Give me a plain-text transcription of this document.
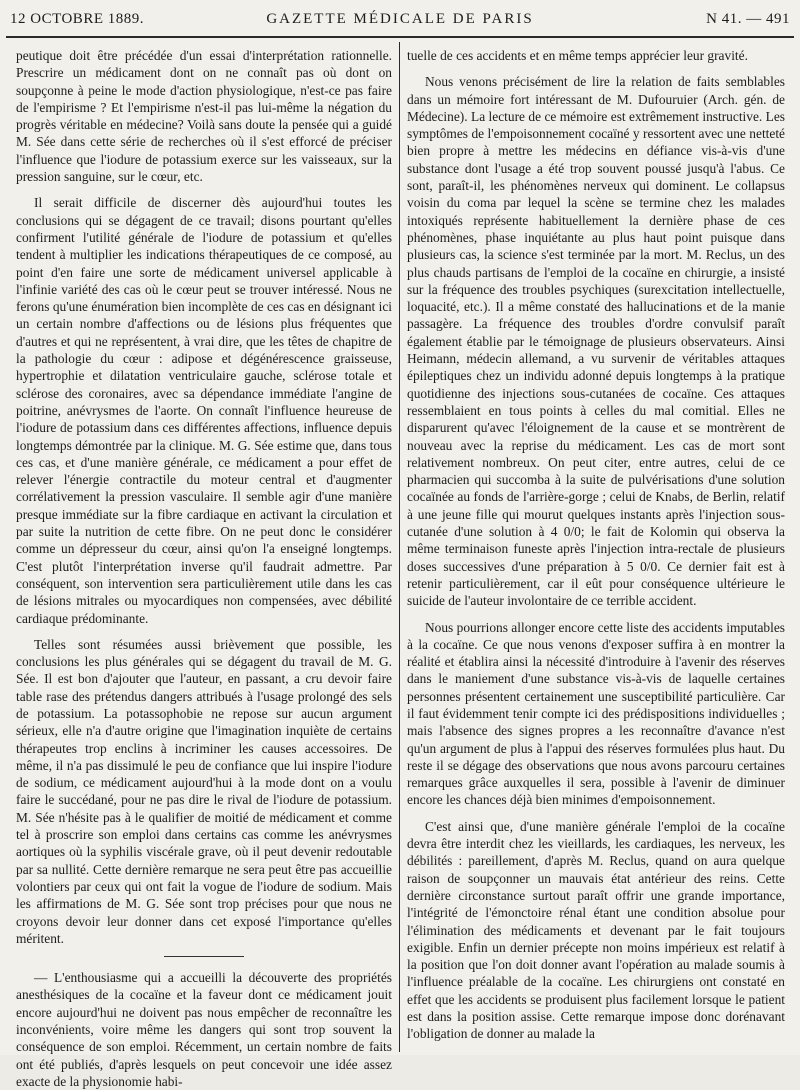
12 OCTOBRE 1889.	GAZETTE MÉDICALE DE PARIS	N 41. — 491

peutique doit être précédée d'un essai d'interprétation rationnelle. Prescrire un médicament dont on ne connaît pas où dont on soupçonne à peine le mode d'action physiologique, n'est-ce pas faire de l'empirisme ? Et l'empirisme n'est-il pas lui-même la négation du progrès véritable en médecine? Voilà sans doute la pensée qui a guidé M. Sée dans cette série de recherches où il s'est efforcé de préciser l'influence que l'iodure de potassium exerce sur les vaisseaux, sur la pression sanguine, sur le cœur, etc.

Il serait difficile de discerner dès aujourd'hui toutes les conclusions qui se dégagent de ce travail; disons pourtant qu'elles confirment l'utilité générale de l'iodure de potassium et qu'elles tendent à multiplier les indications thérapeutiques de ce composé, au point d'en faire une sorte de médicament universel applicable à l'infinie variété des cas où le cœur peut se trouver intéressé. Nous ne ferons qu'une énumération bien incomplète de ces cas en désignant ici un certain nombre d'affections ou de lésions plus fréquentes que d'autres et qui ne représentent, à vrai dire, que les têtes de chapitre de la pathologie du cœur : adipose et dégénérescence graisseuse, hypertrophie et dilatation ventriculaire gauche, sclérose totale et sclérose des coronaires, avec sa dépendance immédiate l'angine de poitrine, anévrysmes de l'aorte. On connaît l'influence heureuse de l'iodure de potassium dans ces différentes affections, influence depuis longtemps démontrée par la clinique. M. G. Sée estime que, dans tous ces cas, et d'une manière générale, ce médicament a pour effet de relever l'énergie contractile du moteur central et d'augmenter corrélativement la pression vasculaire. Il semble agir d'une manière presque immédiate sur la fibre cardiaque en activant la circulation et par suite la nutrition de cette fibre. On ne peut donc le considérer comme un dépresseur du cœur, ainsi qu'on l'a enseigné longtemps. C'est plutôt l'interprétation inverse qu'il faudrait admettre. Par conséquent, son intervention sera particulièrement utile dans les cas de lésions mitrales ou myocardiques non compensées, avec débilité cardiaque prédominante.

Telles sont résumées aussi brièvement que possible, les conclusions les plus générales qui se dégagent du travail de M. G. Sée. Il est bon d'ajouter que l'auteur, en passant, a cru devoir faire table rase des prétendus dangers attribués à l'usage prolongé des sels de potassium. La potassophobie ne repose sur aucun argument sérieux, elle n'a d'autre origine que l'imagination inquiète de certains thérapeutes trop enclins à incriminer les causes accessoires. De même, il n'a pas dissimulé le peu de confiance que lui inspire l'iodure de sodium, ce médicament aujourd'hui à la mode dont on a voulu faire le succédané, pour ne pas dire le rival de l'iodure de potassium. M. Sée n'hésite pas à le qualifier de moitié de médicament et comme tel à proscrire son emploi dans certains cas comme les anévrysmes aortiques où la syphilis viscérale grave, où il peut devenir redoutable par sa nullité. Cette dernière remarque ne sera peut être pas accueillie volontiers par ceux qui ont fait la vogue de l'iodure de sodium. Mais les affirmations de M. G. Sée sont trop précises pour que nous ne croyons devoir leur donner dans cet exposé l'importance qu'elles méritent.

— L'enthousiasme qui a accueilli la découverte des propriétés anesthésiques de la cocaïne et la faveur dont ce médicament jouit encore aujourd'hui ne doivent pas nous empêcher de reconnaître les inconvénients, voire même les dangers qui sont trop souvent la conséquence de son emploi. Récemment, un certain nombre de faits ont été publiés, d'après lesquels on peut concevoir une idée assez exacte de la physionomie habi-

tuelle de ces accidents et en même temps apprécier leur gravité.

Nous venons précisément de lire la relation de faits semblables dans un mémoire fort intéressant de M. Dufouruier (Arch. gén. de Médecine). La lecture de ce mémoire est extrêmement instructive. Les symptômes de l'empoisonnement cocaïné y ressortent avec une netteté bien propre à mettre les médecins en défiance vis-à-vis d'une substance dont l'usage a été trop souvent poussé jusqu'à l'abus. Ce sont, paraît-il, les phénomènes nerveux qui dominent. Le collapsus voisin du coma par lequel la scène se termine chez les malades intoxiqués représente habituellement la dernière phase de ces phénomènes, phase inquiétante au plus haut point puisque dans plusieurs cas, la science s'est terminée par la mort. M. Reclus, un des plus chauds partisans de l'emploi de la cocaïne en chirurgie, a insisté sur la fréquence des troubles psychiques (surexcitation intellectuelle, loquacité, etc.). Il a même constaté des hallucinations et de la manie passagère. La fréquence des troubles d'ordre convulsif paraît également établie par le témoignage de plusieurs observateurs. Ainsi Heimann, médecin allemand, a vu survenir de véritables attaques épileptiques chez un individu adonné depuis longtemps à la pratique quotidienne des injections sous-cutanées de cocaïne. Ces attaques ressemblaient en tous points à celles du mal comitial. Elles ne disparurent qu'avec l'éloignement de la cause et se montrèrent de nouveau avec la reprise du médicament. Les cas de mort sont relativement nombreux. On peut citer, entre autres, celui de ce pharmacien qui succomba à la suite de pulvérisations d'une solution cocaïnée au fonds de l'arrière-gorge ; celui de Knabs, de Berlin, relatif à une jeune fille qui mourut quelques instants après l'injection sous-cutanée d'une solution à 4 0/0; le fait de Kolomin qui observa la même terminaison funeste après l'injection intra-rectale de plusieurs doses successives d'une préparation à 5 0/0. Ce dernier fait est à retenir particulièrement, car il eût pour conséquence ultérieure le suicide de l'auteur involontaire de ce terrible accident.

Nous pourrions allonger encore cette liste des accidents imputables à la cocaïne. Ce que nous venons d'exposer suffira à en montrer la réalité et établira ainsi la nécessité d'introduire à l'avenir des réserves dans le maniement d'une substance vis-à-vis de laquelle certaines personnes présentent certainement une susceptibilité particulière. Car il faut évidemment tenir compte ici des prédispositions individuelles ; mais l'absence des signes propres a les reconnaître d'avance n'est qu'un argument de plus à l'appui des réserves formulées plus haut. Du reste il se dégage des observations que nous avons parcouru certaines remarques grâce auxquelles il sera, possible à l'avenir de diminuer encore les chances déjà bien minimes d'empoisonnement.

C'est ainsi que, d'une manière générale l'emploi de la cocaïne devra être interdit chez les vieillards, les cardiaques, les nerveux, les débilités : pareillement, d'après M. Reclus, quand on aura quelque raison de soupçonner un mauvais état antérieur des reins. Cette dernière circonstance surtout paraît offrir une grande importance, l'intégrité de l'émonctoire rénal étant une condition absolue pour l'élimination des médicaments et devenant par le fait toujours exigible. Enfin un dernier précepte non moins impérieux est relatif à la position que l'on doit donner avant l'opération au malade soumis à l'influence préalable de la cocaïne. Les chirurgiens ont constaté en effet que les accidents se produisent plus facilement lorsque le patient est dans la position assise. Cette remarque impose donc dorénavant l'obligation de donner au malade la
